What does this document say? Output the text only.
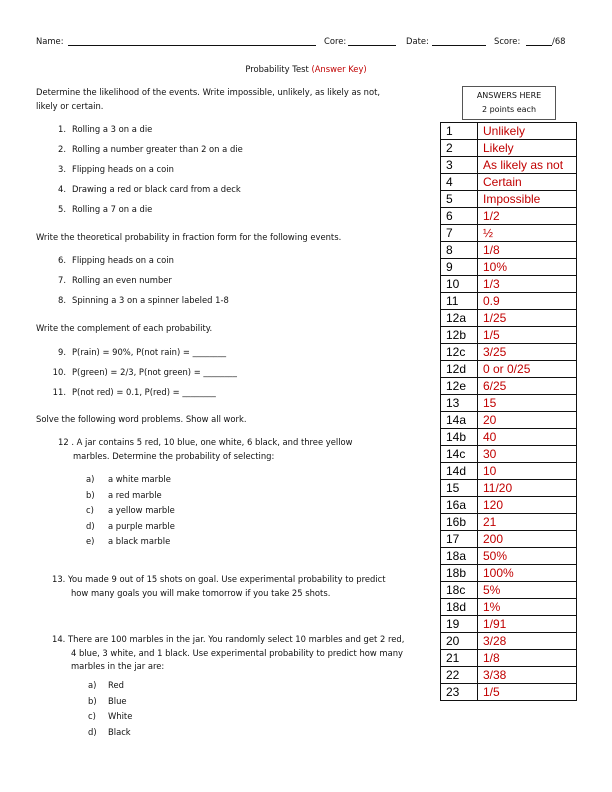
Name:	Core:	Date:	Score:	/68
Probability Test (Answer Key)
Determine the likelihood of the events. Write impossible, unlikely, as likely as not,
likely or certain.
1. Rolling a 3 on a die
2. Rolling a number greater than 2 on a die
3. Flipping heads on a coin
4. Drawing a red or black card from a deck
5. Rolling a 7 on a die
Write the theoretical probability in fraction form for the following events.
6. Flipping heads on a coin
7. Rolling an even number
8. Spinning a 3 on a spinner labeled 1-8
Write the complement of each probability.
9. P(rain) = 90%, P(not rain) = ________
10. P(green) = 2/3, P(not green) = ________
11. P(not red) = 0.1, P(red) = ________
Solve the following word problems. Show all work.
12 . A jar contains 5 red, 10 blue, one white, 6 black, and three yellow
marbles. Determine the probability of selecting:
a) a white marble
b) a red marble
c) a yellow marble
d) a purple marble
e) a black marble
13. You made 9 out of 15 shots on goal. Use experimental probability to predict
how many goals you will make tomorrow if you take 25 shots.
14. There are 100 marbles in the jar. You randomly select 10 marbles and get 2 red,
4 blue, 3 white, and 1 black. Use experimental probability to predict how many
marbles in the jar are:
a) Red
b) Blue
c) White
d) Black
ANSWERS HERE
2 points each
1	Unlikely
2	Likely
3	As likely as not
4	Certain
5	Impossible
6	1/2
7	½
8	1/8
9	10%
10	1/3
11	0.9
12a	1/25
12b	1/5
12c	3/25
12d	0 or 0/25
12e	6/25
13	15
14a	20
14b	40
14c	30
14d	10
15	11/20
16a	120
16b	21
17	200
18a	50%
18b	100%
18c	5%
18d	1%
19	1/91
20	3/28
21	1/8
22	3/38
23	1/5
